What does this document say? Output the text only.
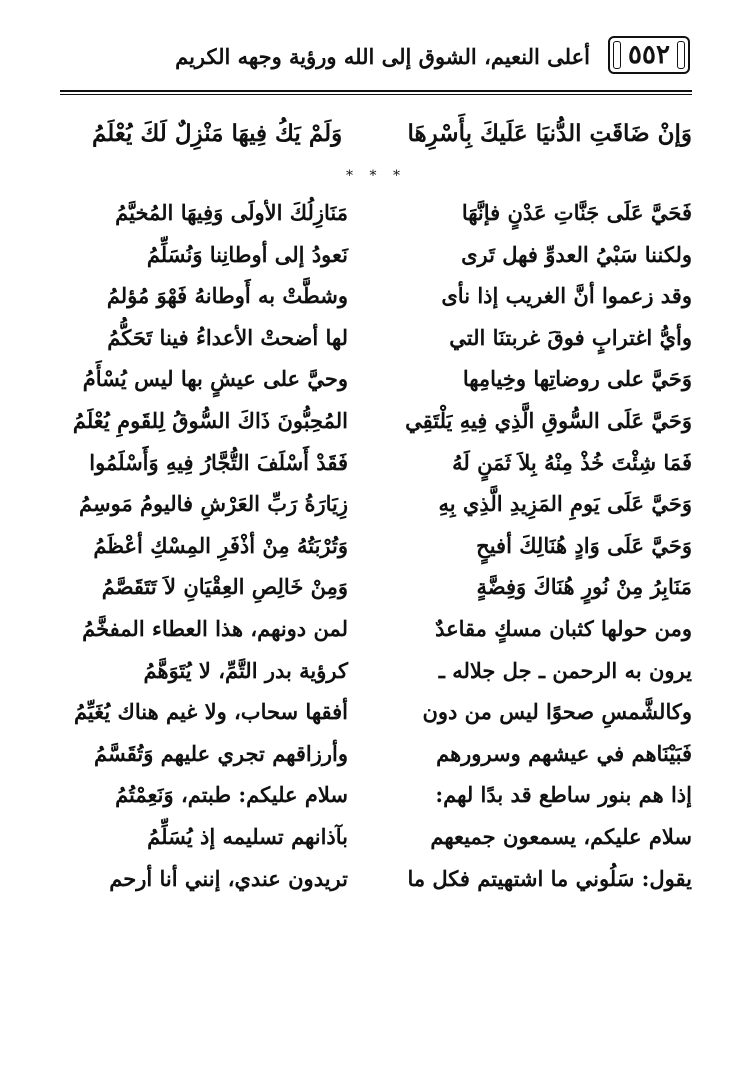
٥٥٢
أعلى النعيم، الشوق إلى الله ورؤية وجهه الكريم
وَإنْ ضَاقَتِ الدُّنيَا عَلَيكَ بِأَسْرِهَا
وَلَمْ يَكُ فِيهَا مَنْزِلٌ لَكَ يُعْلَمُ
* * *
فَحَيَّ عَلَى جَنَّاتِ عَدْنٍ فإنَّهَا
ولكننا سَبْيُ العدوِّ فهل تَرى
وقد زعموا أنَّ الغريب إذا نأى
وأيُّ اغترابٍ فوقَ غربتنَا التي
وَحَيَّ على روضاتِها وخِيامِها
وَحَيَّ عَلَى السُّوقِ الَّذِي فِيهِ يَلْتَقِي
فَمَا شِئْتَ خُذْ مِنْهُ بِلاَ ثَمَنٍ لَهُ
وَحَيَّ عَلَى يَومِ المَزِيدِ الَّذِي بِهِ
وَحَيَّ عَلَى وَادٍ هُنَالِكَ أفيحٍ
مَنَابِرُ مِنْ نُورٍ هُنَاكَ وَفِضَّةٍ
ومن حولها كثبان مسكٍ مقاعدٌ
يرون به الرحمن ـ جل جلاله ـ
وكالشَّمسِ صحوًا ليس من دون
فَبَيْنَاهم في عيشهم وسرورهم
إذا هم بنور ساطع قد بدًا لهم:
سلام عليكم، يسمعون جميعهم
يقول: سَلُوني ما اشتهيتم فكل ما
مَنَازِلُكَ الأولَى وَفِيهَا المُخيَّمُ
نَعودُ إلى أوطانِنا وَنُسَلِّمُ
وشطَّتْ به أَوطانهُ فَهْوَ مُؤلمُ
لها أضحتْ الأعداءُ فينا تَحَكُّمُ
وحيَّ على عيشٍ بها ليس يُسْأَمُ
المُحِبُّونَ ذَاكَ السُّوقُ لِلقَومِ يُعْلَمُ
فَقَدْ أَسْلَفَ التُّجَّارُ فِيهِ وَأَسْلَمُوا
زِيَارَةُ رَبِّ العَرْشِ فاليومُ مَوسِمُ
وَتُرْبَتُهُ مِنْ أذْفَرِ المِسْكِ أعْظَمُ
وَمِنْ خَالِصِ العِقْيَانِ لاَ تَتَقَصَّمُ
لمن دونهم، هذا العطاء المفخَّمُ
كرؤية بدر التَّمِّ، لا يُتَوَهَّمُ
أفقها سحاب، ولا غيم هناك يُغَيِّمُ
وأرزاقهم تجري عليهم وَتُقَسَّمُ
سلام عليكم: طبتم، وَنَعِمْتُمُ
بآذانهم تسليمه إذ يُسَلِّمُ
تريدون عندي، إنني أنا أرحم
